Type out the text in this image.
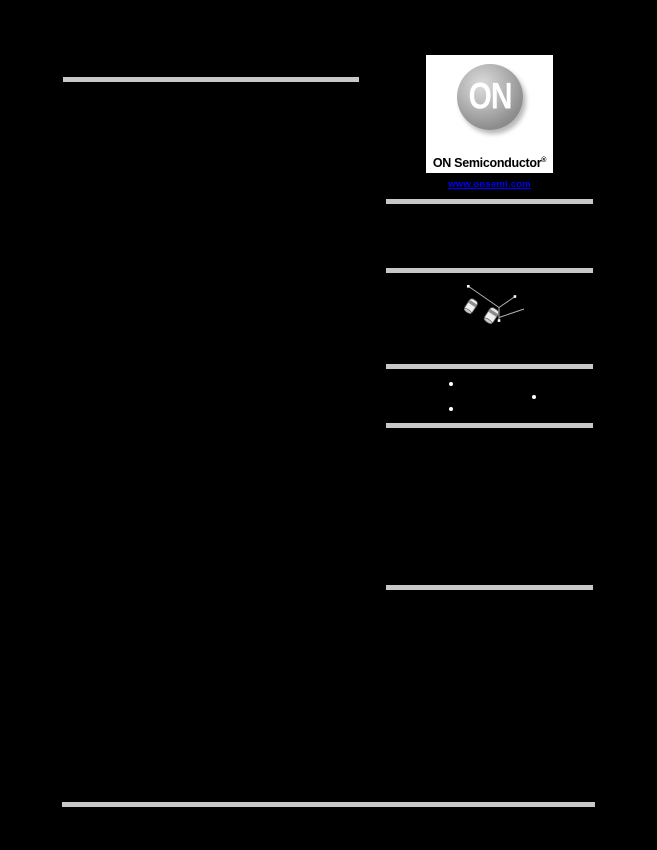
ON
ON Semiconductor®
www.onsemi.com
